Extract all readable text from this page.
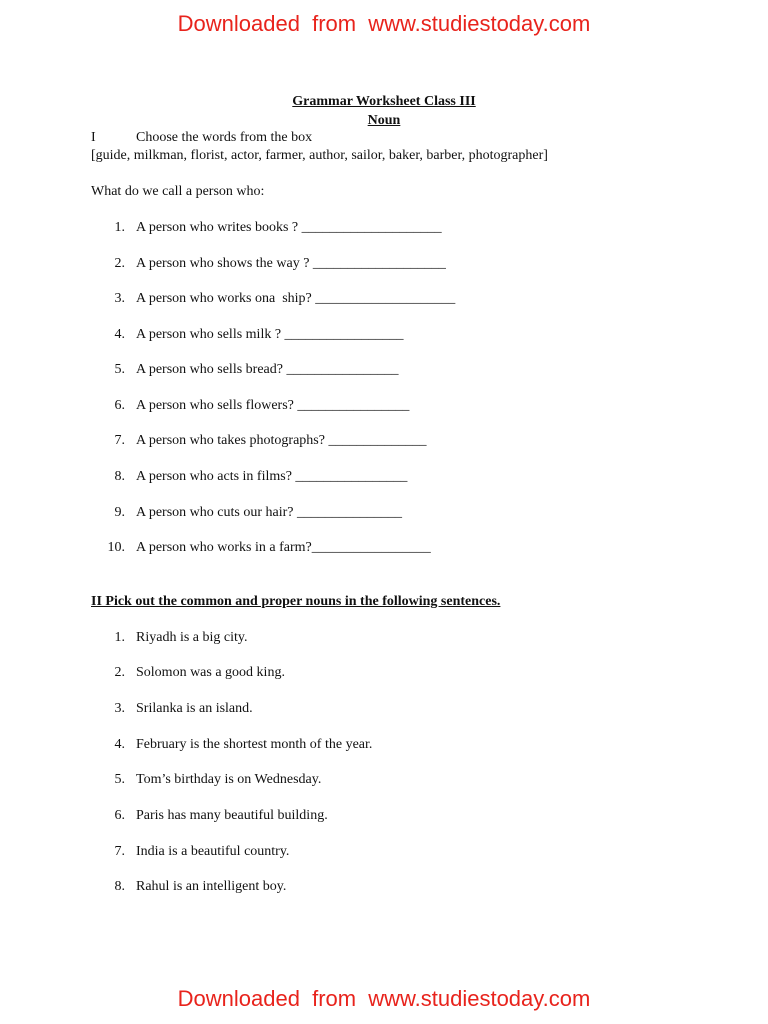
Downloaded from www.studiestoday.com
Grammar Worksheet Class III
Noun
I	Choose the words from the box
[guide, milkman, florist, actor, farmer, author, sailor, baker, barber, photographer]
What do we call a person who:
1. A person who writes books ? ____________________
2. A person who shows the way ? ___________________
3. A person who works ona  ship? ____________________
4. A person who sells milk ? _________________
5. A person who sells bread? ________________
6. A person who sells flowers? ________________
7. A person who takes photographs? ______________
8. A person who acts in films? ________________
9. A person who cuts our hair? _______________
10. A person who works in a farm?_________________
II Pick out the common and proper nouns in the following sentences.
1. Riyadh is a big city.
2. Solomon was a good king.
3. Srilanka is an island.
4. February is the shortest month of the year.
5. Tom’s birthday is on Wednesday.
6. Paris has many beautiful building.
7. India is a beautiful country.
8. Rahul is an intelligent boy.
Downloaded from www.studiestoday.com
